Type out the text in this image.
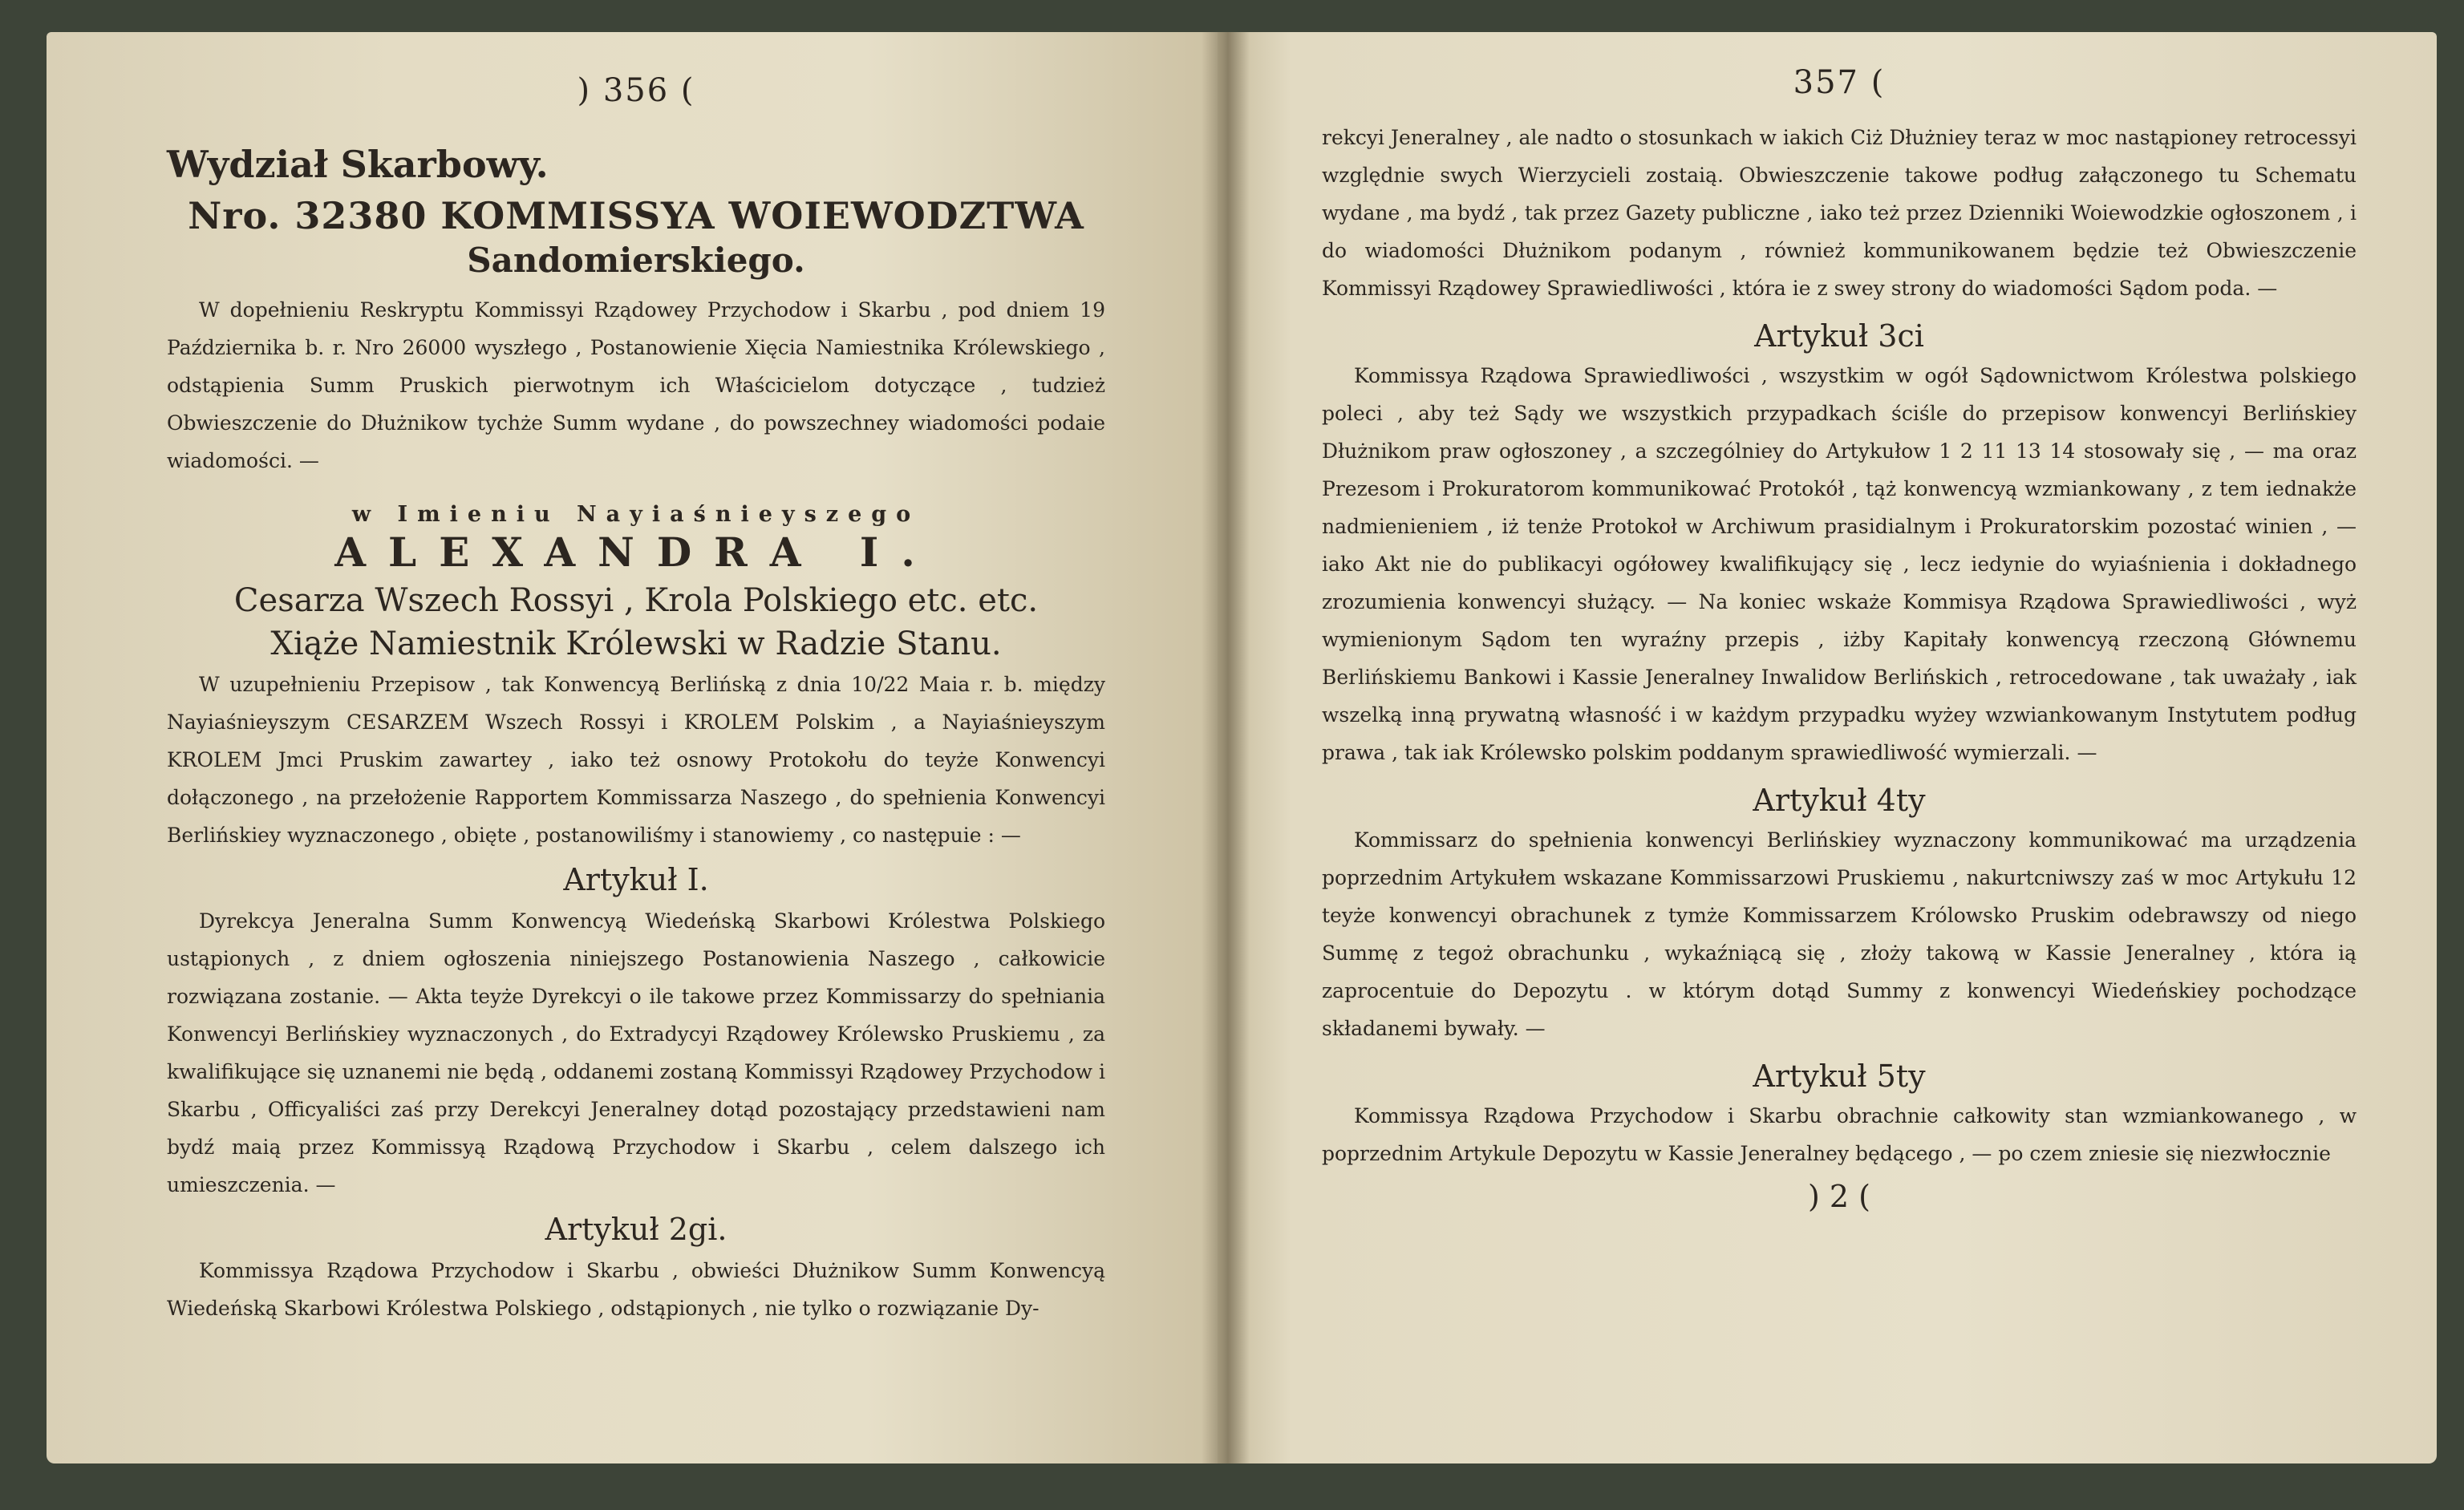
) 356 (
Wydział Skarbowy.
Nro. 32380 KOMMISSYA WOIEWODZTWA
Sandomierskiego.

W dopełnieniu Reskryptu Kommissyi Rządowey Przychodow i Skarbu , pod dniem 19 Października b. r. Nro 26000 wyszłego , Postanowienie Xięcia Namiestnika Królewskiego , odstąpienia Summ Pruskich pierwotnym ich Właścicielom dotyczące , tudzież Obwieszczenie do Dłużnikow tychże Summ wydane , do powszechney wiadomości podaie wiadomości. —

w Imieniu Nayiaśnieyszego
ALEXANDRA I.
Cesarza Wszech Rossyi , Krola Polskiego etc. etc.
Xiąże Namiestnik Królewski w Radzie Stanu.

W uzupełnieniu Przepisow , tak Konwencyą Berlińską z dnia 10/22 Maia r. b. między Nayiaśnieyszym CESARZEM Wszech Rossyi i KROLEM Polskim , a Nayiaśnieyszym KROLEM Jmci Pruskim zawartey , iako też osnowy Protokołu do teyże Konwencyi dołączonego , na przełożenie Rapportem Kommissarza Naszego , do spełnienia Konwencyi Berlińskiey wyznaczonego , obięte , postanowiliśmy i stanowiemy , co następuie : —

Artykuł I.

Dyrekcya Jeneralna Summ Konwencyą Wiedeńską Skarbowi Królestwa Polskiego ustąpionych , z dniem ogłoszenia niniejszego Postanowienia Naszego , całkowicie rozwiązana zostanie. — Akta teyże Dyrekcyi o ile takowe przez Kommissarzy do spełniania Konwencyi Berlińskiey wyznaczonych , do Extradycyi Rządowey Królewsko Pruskiemu , za kwalifikujące się uznanemi nie będą , oddanemi zostaną Kommissyi Rządowey Przychodow i Skarbu , Officyaliści zaś przy Derekcyi Jeneralney dotąd pozostający przedstawieni nam bydź maią przez Kommissyą Rządową Przychodow i Skarbu , celem dalszego ich umieszczenia. —

Artykuł 2gi.

Kommissya Rządowa Przychodow i Skarbu , obwieści Dłużnikow Summ Konwencyą Wiedeńską Skarbowi Królestwa Polskiego , odstąpionych , nie tylko o rozwiązanie Dy-

357 (

rekcyi Jeneralney , ale nadto o stosunkach w iakich Ciż Dłużniey teraz w moc nastąpioney retrocessyi względnie swych Wierzycieli zostaią. Obwieszczenie takowe podług załączonego tu Schematu wydane , ma bydź , tak przez Gazety publiczne , iako też przez Dzienniki Woiewodzkie ogłoszonem , i do wiadomości Dłużnikom podanym , również kommunikowanem będzie też Obwieszczenie Kommissyi Rządowey Sprawiedliwości , która ie z swey strony do wiadomości Sądom poda. —

Artykuł 3ci

Kommissya Rządowa Sprawiedliwości , wszystkim w ogół Sądownictwom Królestwa polskiego poleci , aby też Sądy we wszystkich przypadkach ściśle do przepisow konwencyi Berlińskiey Dłużnikom praw ogłoszoney , a szczególniey do Artykułow 1 2 11 13 14 stosowały się , — ma oraz Prezesom i Prokuratorom kommunikować Protokół , tąż konwencyą wzmiankowany , z tem iednakże nadmienieniem , iż tenże Protokoł w Archiwum prasidialnym i Prokuratorskim pozostać winien , — iako Akt nie do publikacyi ogółowey kwalifikujący się , lecz iedynie do wyiaśnienia i dokładnego zrozumienia konwencyi służący. — Na koniec wskaże Kommisya Rządowa Sprawiedliwości , wyż wymienionym Sądom ten wyraźny przepis , iżby Kapitały konwencyą rzeczoną Głównemu Berlińskiemu Bankowi i Kassie Jeneralney Inwalidow Berlińskich , retrocedowane , tak uważały , iak wszelką inną prywatną własność i w każdym przypadku wyżey wzwiankowanym Instytutem podług prawa , tak iak Królewsko polskim poddanym sprawiedliwość wymierzali. —

Artykuł 4ty

Kommissarz do spełnienia konwencyi Berlińskiey wyznaczony kommunikować ma urządzenia poprzednim Artykułem wskazane Kommissarzowi Pruskiemu , nakurtcniwszy zaś w moc Artykułu 12 teyże konwencyi obrachunek z tymże Kommissarzem Królowsko Pruskim odebrawszy od niego Summę z tegoż obrachunku , wykaźniącą się , złoży takową w Kassie Jeneralney , która ią zaprocentuie do Depozytu . w którym dotąd Summy z konwencyi Wiedeńskiey pochodzące składanemi bywały. —

Artykuł 5ty

Kommissya Rządowa Przychodow i Skarbu obrachnie całkowity stan wzmiankowanego , w poprzednim Artykule Depozytu w Kassie Jeneralney będącego , — po czem zniesie się niezwłocznie

) 2 (
